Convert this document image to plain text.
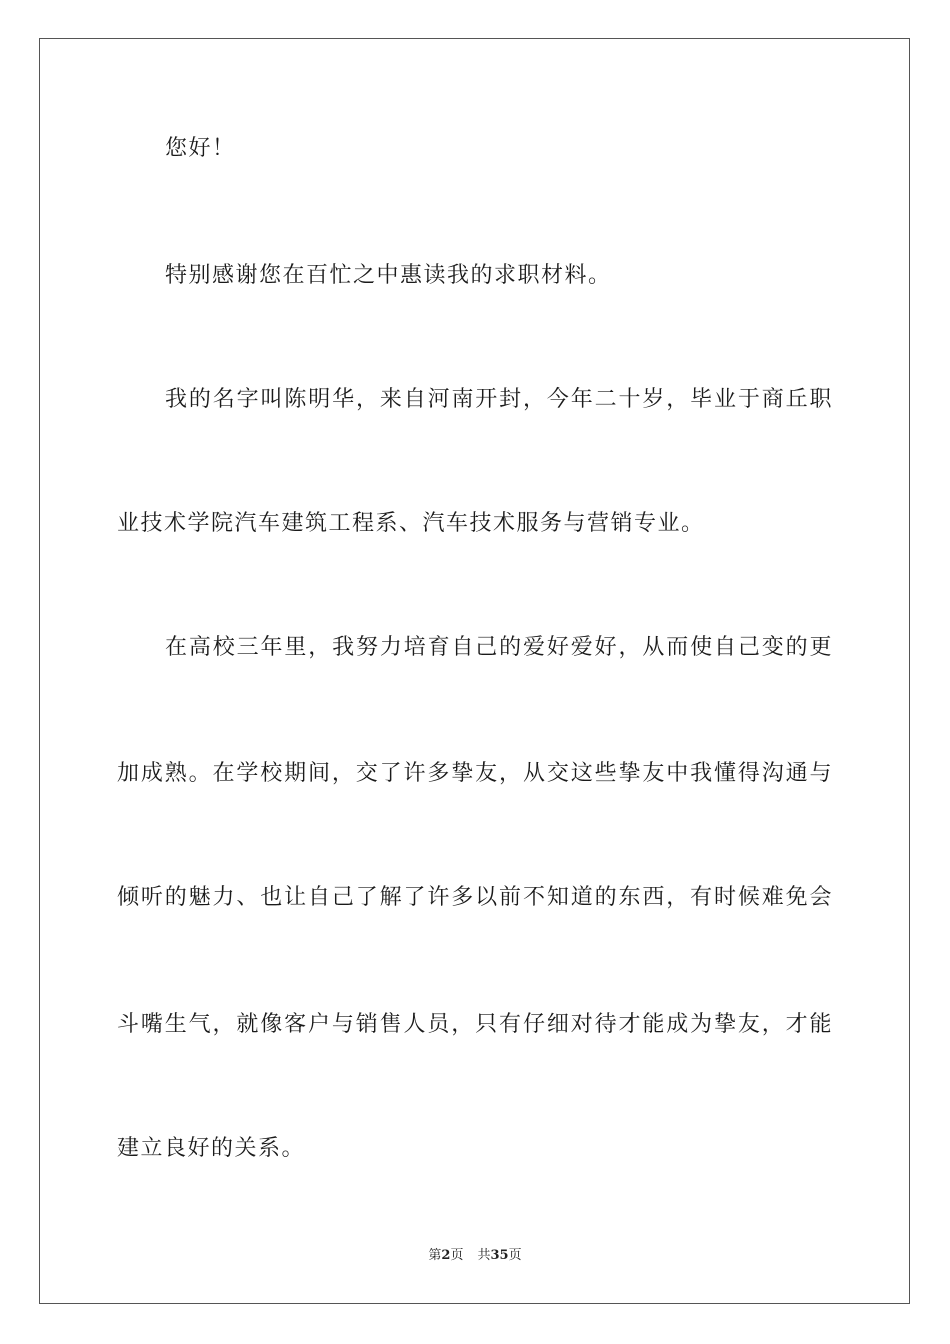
您好！
特别感谢您在百忙之中惠读我的求职材料。
我的名字叫陈明华，来自河南开封，今年二十岁，毕业于商丘职
业技术学院汽车建筑工程系、汽车技术服务与营销专业。
在高校三年里，我努力培育自己的爱好爱好，从而使自己变的更
加成熟。在学校期间，交了许多挚友，从交这些挚友中我懂得沟通与
倾听的魅力、也让自己了解了许多以前不知道的东西，有时候难免会
斗嘴生气，就像客户与销售人员，只有仔细对待才能成为挚友，才能
建立良好的关系。
第2页 共35页
